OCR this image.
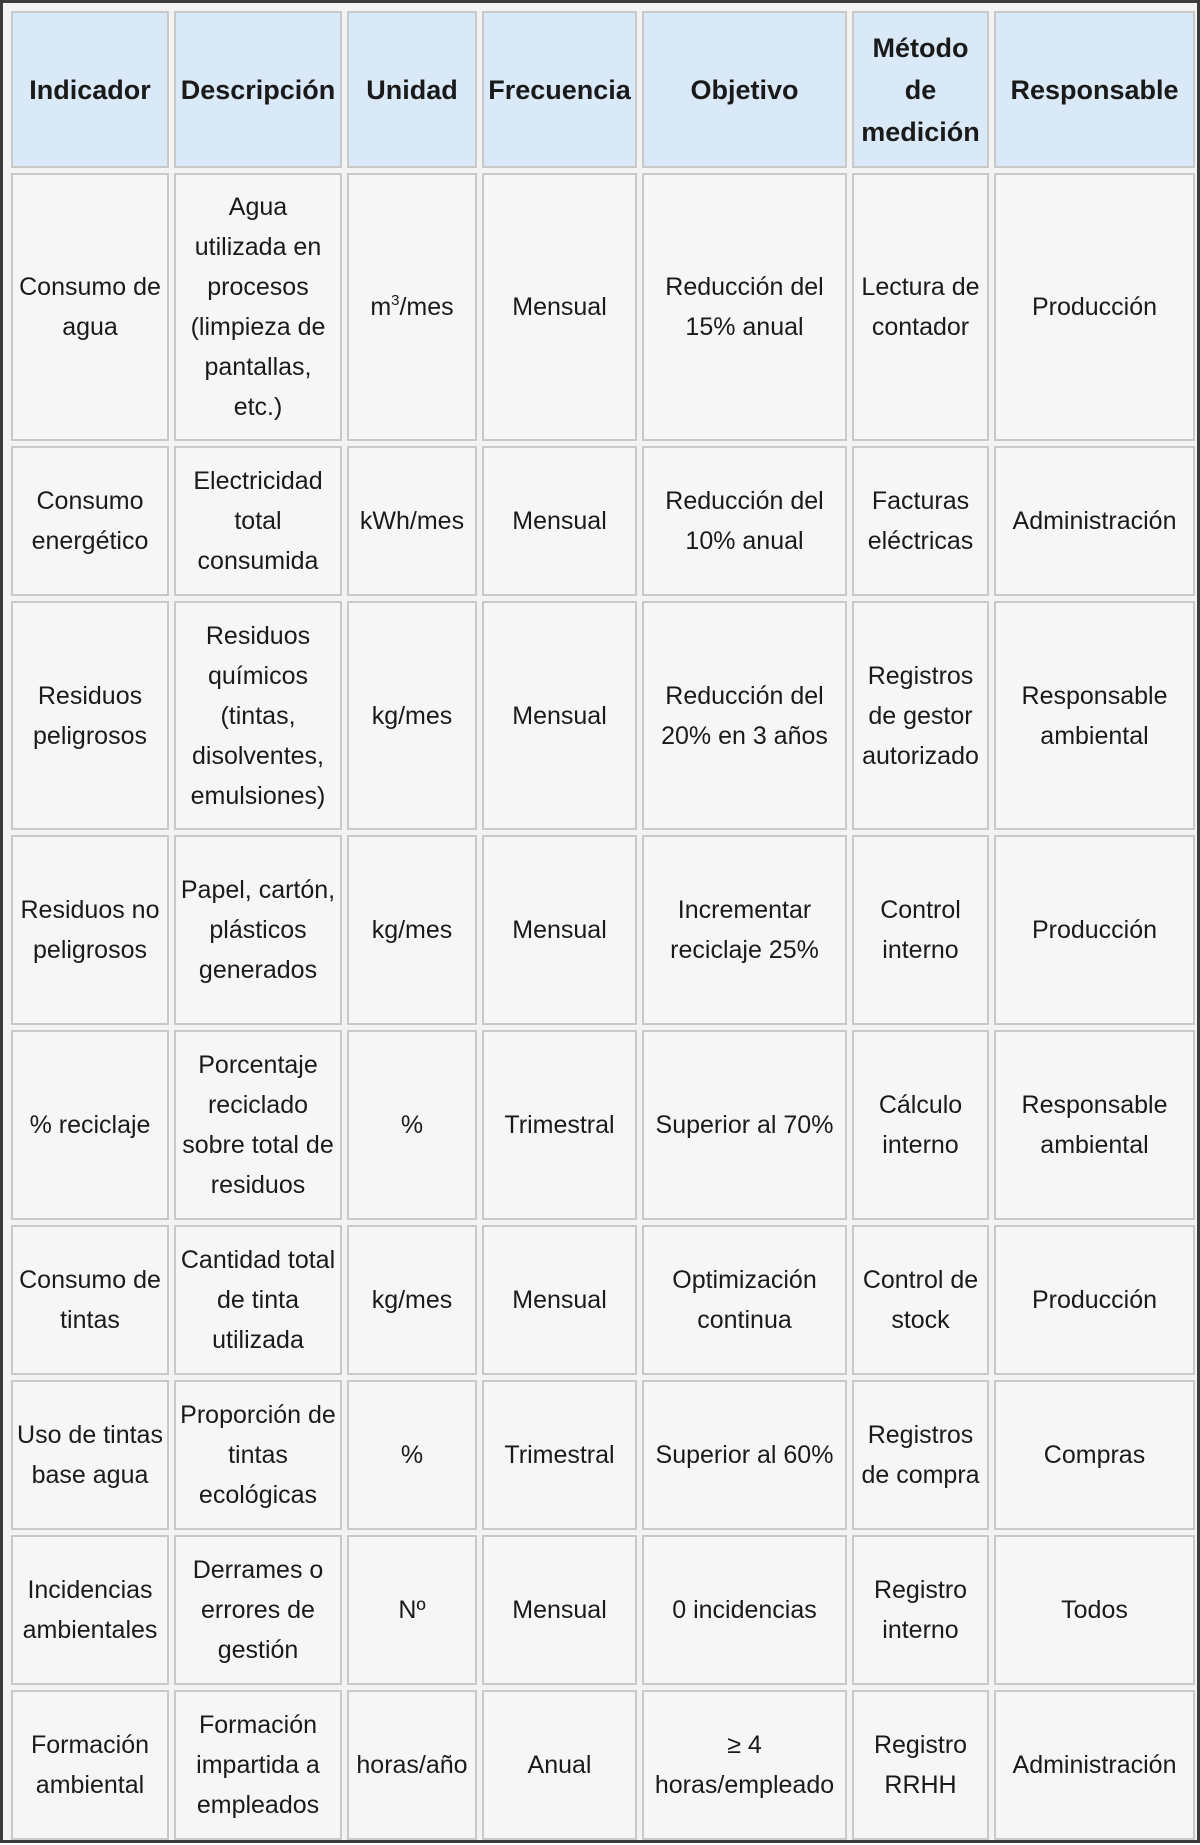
Indicador	Descripción	Unidad	Frecuencia	Objetivo	Método de medición	Responsable
Consumo de agua	Agua utilizada en procesos (limpieza de pantallas, etc.)	$m^3$/mes	Mensual	Reducción del 15% anual	Lectura de contador	Producción
Consumo energético	Electricidad total consumida	kWh/mes	Mensual	Reducción del 10% anual	Facturas eléctricas	Administración
Residuos peligrosos	Residuos químicos (tintas, disolventes, emulsiones)	kg/mes	Mensual	Reducción del 20% en 3 años	Registros de gestor autorizado	Responsable ambiental
Residuos no peligrosos	Papel, cartón, plásticos generados	kg/mes	Mensual	Incrementar reciclaje 25%	Control interno	Producción
% reciclaje	Porcentaje reciclado sobre total de residuos	%	Trimestral	Superior al 70%	Cálculo interno	Responsable ambiental
Consumo de tintas	Cantidad total de tinta utilizada	kg/mes	Mensual	Optimización continua	Control de stock	Producción
Uso de tintas base agua	Proporción de tintas ecológicas	%	Trimestral	Superior al 60%	Registros de compra	Compras
Incidencias ambientales	Derrames o errores de gestión	Nº	Mensual	0 incidencias	Registro interno	Todos
Formación ambiental	Formación impartida a empleados	horas/año	Anual	≥ 4 horas/empleado	Registro RRHH	Administración
